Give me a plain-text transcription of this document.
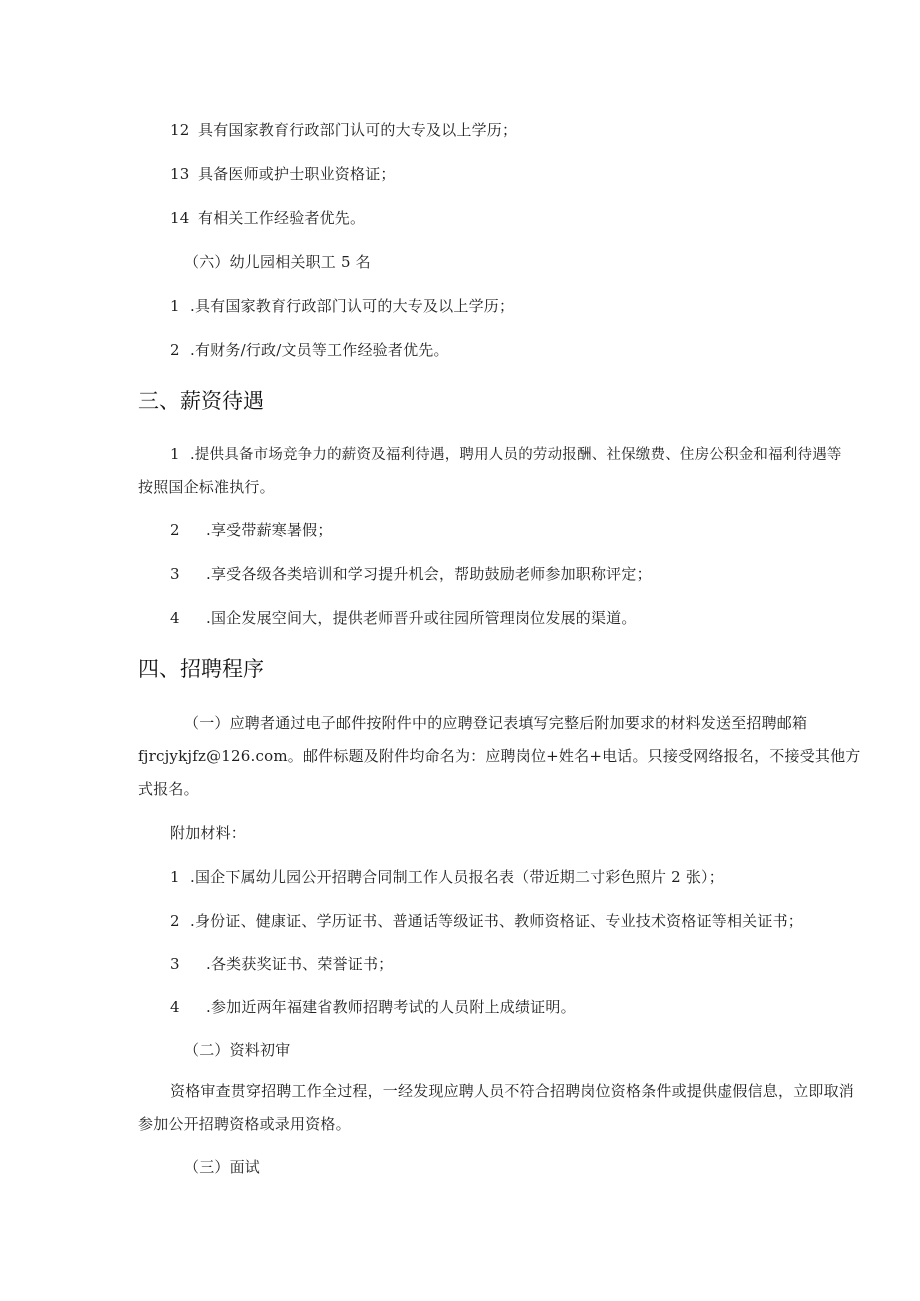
12 具有国家教育行政部门认可的大专及以上学历；

13 具备医师或护士职业资格证；

14 有相关工作经验者优先。

（六）幼儿园相关职工 5 名

1 .具有国家教育行政部门认可的大专及以上学历；

2 .有财务/行政/文员等工作经验者优先。

三、薪资待遇

1 .提供具备市场竞争力的薪资及福利待遇，聘用人员的劳动报酬、社保缴费、住房公积金和福利待遇等

按照国企标准执行。

2 .享受带薪寒暑假；

3 .享受各级各类培训和学习提升机会，帮助鼓励老师参加职称评定；

4 .国企发展空间大，提供老师晋升或往园所管理岗位发展的渠道。

四、招聘程序

（一）应聘者通过电子邮件按附件中的应聘登记表填写完整后附加要求的材料发送至招聘邮箱

fjrcjykjfz@126.com。邮件标题及附件均命名为：应聘岗位+姓名+电话。只接受网络报名，不接受其他方

式报名。

附加材料：

1 .国企下属幼儿园公开招聘合同制工作人员报名表（带近期二寸彩色照片 2 张）；

2 .身份证、健康证、学历证书、普通话等级证书、教师资格证、专业技术资格证等相关证书；

3 .各类获奖证书、荣誉证书；

4 .参加近两年福建省教师招聘考试的人员附上成绩证明。

（二）资料初审

资格审查贯穿招聘工作全过程，一经发现应聘人员不符合招聘岗位资格条件或提供虚假信息，立即取消

参加公开招聘资格或录用资格。

（三）面试
